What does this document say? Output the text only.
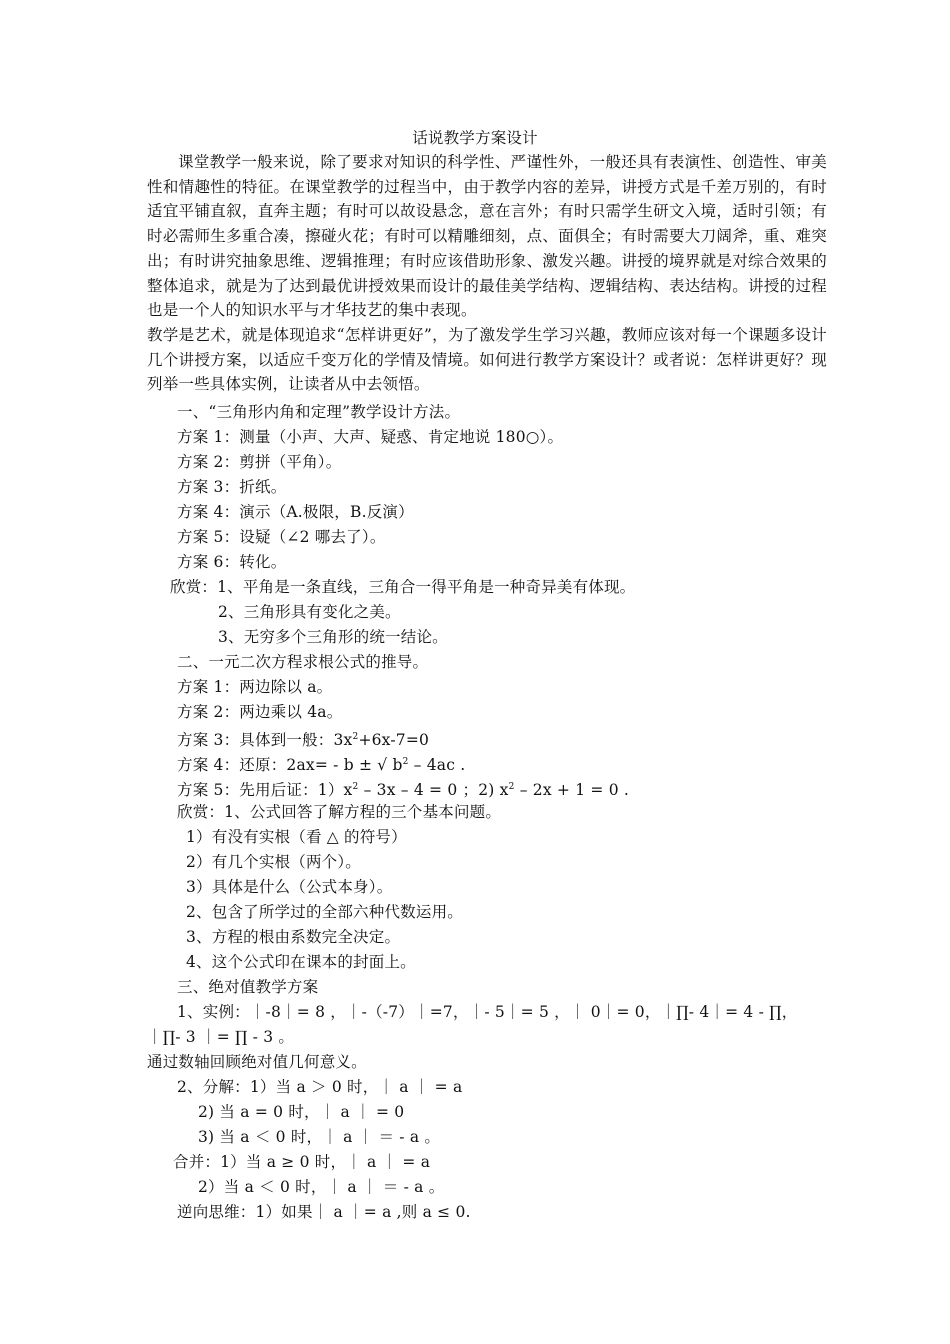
话说教学方案设计
课堂教学一般来说，除了要求对知识的科学性、严谨性外，一般还具有表演性、创造性、审美性和情趣性的特征。在课堂教学的过程当中，由于教学内容的差异，讲授方式是千差万别的，有时适宜平铺直叙，直奔主题；有时可以故设悬念，意在言外；有时只需学生研文入境，适时引领；有时必需师生多重合凑，擦碰火花；有时可以精雕细刻，点、面俱全；有时需要大刀阔斧，重、难突出；有时讲究抽象思维、逻辑推理；有时应该借助形象、激发兴趣。讲授的境界就是对综合效果的整体追求，就是为了达到最优讲授效果而设计的最佳美学结构、逻辑结构、表达结构。讲授的过程也是一个人的知识水平与才华技艺的集中表现。
教学是艺术，就是体现追求“怎样讲更好”，为了激发学生学习兴趣，教师应该对每一个课题多设计几个讲授方案，以适应千变万化的学情及情境。如何进行教学方案设计？或者说：怎样讲更好？现列举一些具体实例，让读者从中去领悟。
一、“三角形内角和定理”教学设计方法。
方案 1：测量（小声、大声、疑惑、肯定地说 180○）。
方案 2：剪拼（平角）。
方案 3：折纸。
方案 4：演示（A.极限，B.反演）
方案 5：设疑（∠2 哪去了）。
方案 6：转化。
欣赏：1、平角是一条直线，三角合一得平角是一种奇异美有体现。
2、三角形具有变化之美。
3、无穷多个三角形的统一结论。
二、一元二次方程求根公式的推导。
方案 1：两边除以 a。
方案 2：两边乘以 4a。
方案 3：具体到一般：$3x^2+6x-7=0$
方案 4：还原：2ax= - b ± √ $b^2 - 4ac$ .
方案 5：先用后证：$1)x^2 - 3x - 4 = 0$ ；2) $x^2 - 2x + 1 = 0$ .
欣赏：1、公式回答了解方程的三个基本问题。
1）有没有实根（看 △ 的符号）
2）有几个实根（两个）。
3）具体是什么（公式本身）。
2、包含了所学过的全部六种代数运用。
3、方程的根由系数完全决定。
4、这个公式印在课本的封面上。
三、绝对值教学方案
1、实例：｜-8｜= 8 ，｜-（-7）｜=7，｜- 5｜= 5 ，｜ 0｜= 0，｜∏- 4｜= 4 - ∏，
｜∏- 3 ｜= ∏ - 3 。
通过数轴回顾绝对值几何意义。
2、分解：1）当 a ＞ 0 时，｜ a ｜ = a
2) 当 a = 0 时，｜ a ｜ = 0
3) 当 a ＜ 0 时，｜ a ｜ ＝ - a 。
合并：1）当 a ≥ 0 时，｜ a ｜ = a
2）当 a ＜ 0 时，｜ a ｜ ＝ - a 。
逆向思维：1）如果｜ a ｜= a ,则 a ≤ 0.
